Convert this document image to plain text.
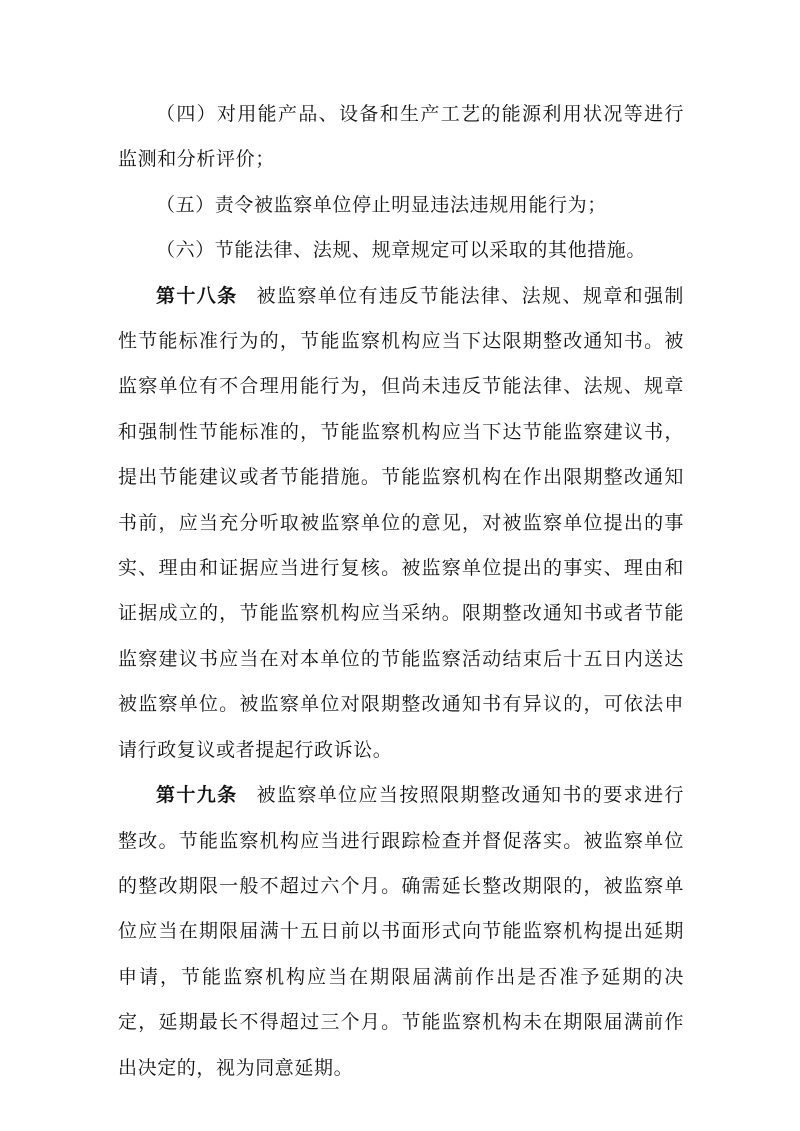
（四）对用能产品、设备和生产工艺的能源利用状况等进行监测和分析评价；

（五）责令被监察单位停止明显违法违规用能行为；

（六）节能法律、法规、规章规定可以采取的其他措施。

第十八条 被监察单位有违反节能法律、法规、规章和强制性节能标准行为的，节能监察机构应当下达限期整改通知书。被监察单位有不合理用能行为，但尚未违反节能法律、法规、规章和强制性节能标准的，节能监察机构应当下达节能监察建议书，提出节能建议或者节能措施。节能监察机构在作出限期整改通知书前，应当充分听取被监察单位的意见，对被监察单位提出的事实、理由和证据应当进行复核。被监察单位提出的事实、理由和证据成立的，节能监察机构应当采纳。限期整改通知书或者节能监察建议书应当在对本单位的节能监察活动结束后十五日内送达被监察单位。被监察单位对限期整改通知书有异议的，可依法申请行政复议或者提起行政诉讼。

第十九条 被监察单位应当按照限期整改通知书的要求进行整改。节能监察机构应当进行跟踪检查并督促落实。被监察单位的整改期限一般不超过六个月。确需延长整改期限的，被监察单位应当在期限届满十五日前以书面形式向节能监察机构提出延期申请，节能监察机构应当在期限届满前作出是否准予延期的决定，延期最长不得超过三个月。节能监察机构未在期限届满前作出决定的，视为同意延期。
